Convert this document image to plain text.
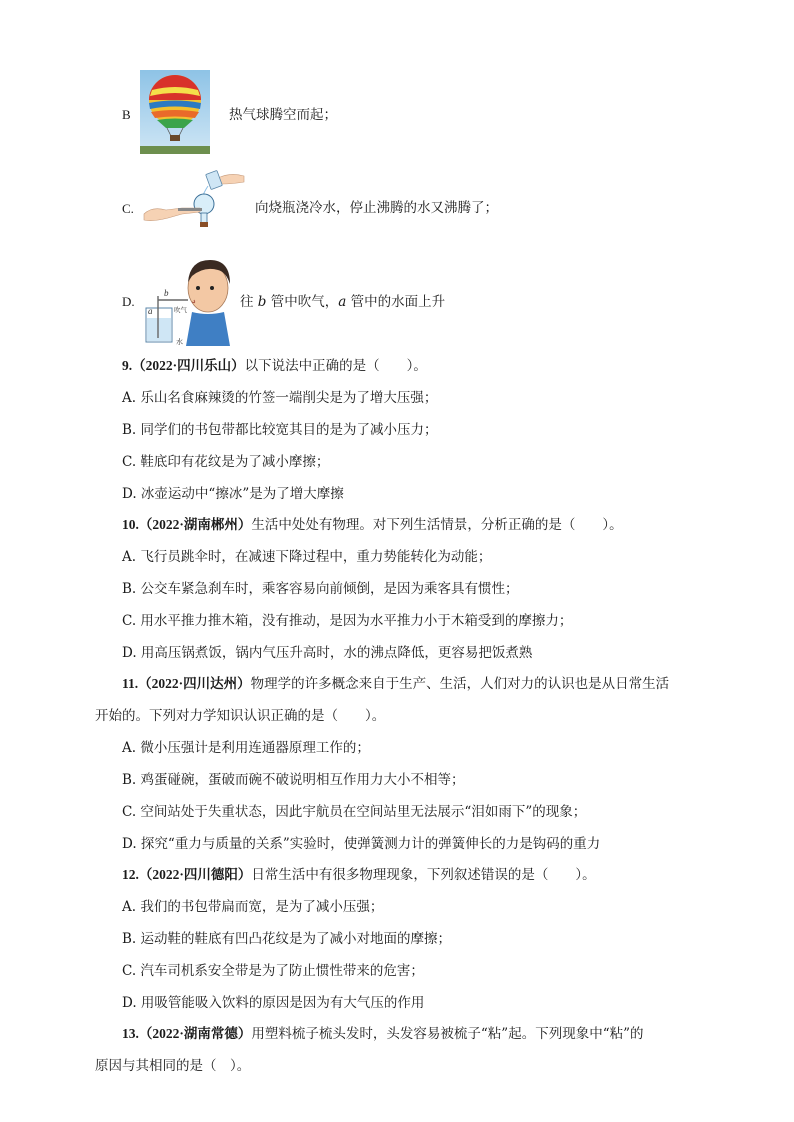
B	热气球腾空而起；
C.	向烧瓶浇冷水，停止沸腾的水又沸腾了；
D.
b
a	吹气
水
往 b 管中吹气，a 管中的水面上升
9.（2022·四川乐山）以下说法中正确的是（　　）。
A. 乐山名食麻辣烫的竹签一端削尖是为了增大压强；
B. 同学们的书包带都比较宽其目的是为了减小压力；
C. 鞋底印有花纹是为了减小摩擦；
D. 冰壶运动中“擦冰”是为了增大摩擦
10.（2022·湖南郴州）生活中处处有物理。对下列生活情景，分析正确的是（　　）。
A. 飞行员跳伞时，在减速下降过程中，重力势能转化为动能；
B. 公交车紧急刹车时，乘客容易向前倾倒，是因为乘客具有惯性；
C. 用水平推力推木箱，没有推动，是因为水平推力小于木箱受到的摩擦力；
D. 用高压锅煮饭，锅内气压升高时，水的沸点降低，更容易把饭煮熟
11.（2022·四川达州）物理学的许多概念来自于生产、生活，人们对力的认识也是从日常生活
开始的。下列对力学知识认识正确的是（　　）。
A. 微小压强计是利用连通器原理工作的；
B. 鸡蛋碰碗，蛋破而碗不破说明相互作用力大小不相等；
C. 空间站处于失重状态，因此宇航员在空间站里无法展示“泪如雨下”的现象；
D. 探究“重力与质量的关系”实验时，使弹簧测力计的弹簧伸长的力是钩码的重力
12.（2022·四川德阳）日常生活中有很多物理现象，下列叙述错误的是（　　）。
A. 我们的书包带扁而宽，是为了减小压强；
B. 运动鞋的鞋底有凹凸花纹是为了减小对地面的摩擦；
C. 汽车司机系安全带是为了防止惯性带来的危害；
D. 用吸管能吸入饮料的原因是因为有大气压的作用
13.（2022·湖南常德）用塑料梳子梳头发时，头发容易被梳子“粘”起。下列现象中“粘”的
原因与其相同的是（　）。
